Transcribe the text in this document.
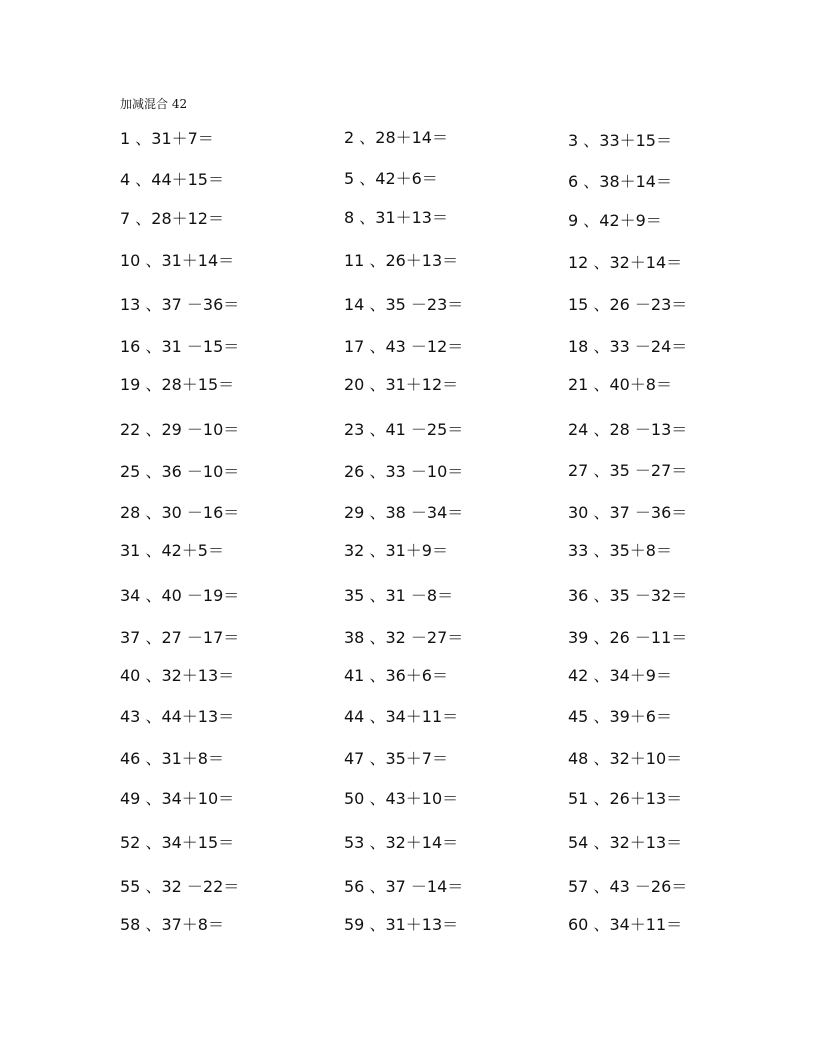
加减混合 42
1 、31＋7＝	2 、28＋14＝	3 、33＋15＝
4 、44＋15＝	5 、42＋6＝	6 、38＋14＝
7 、28＋12＝	8 、31＋13＝	9 、42＋9＝
10 、31＋14＝	11 、26＋13＝	12 、32＋14＝
13 、37 －36＝	14 、35 －23＝	15 、26 －23＝
16 、31 －15＝	17 、43 －12＝	18 、33 －24＝
19 、28＋15＝	20 、31＋12＝	21 、40＋8＝
22 、29 －10＝	23 、41 －25＝	24 、28 －13＝
25 、36 －10＝	26 、33 －10＝	27 、35 －27＝
28 、30 －16＝	29 、38 －34＝	30 、37 －36＝
31 、42＋5＝	32 、31＋9＝	33 、35＋8＝
34 、40 －19＝	35 、31 －8＝	36 、35 －32＝
37 、27 －17＝	38 、32 －27＝	39 、26 －11＝
40 、32＋13＝	41 、36＋6＝	42 、34＋9＝
43 、44＋13＝	44 、34＋11＝	45 、39＋6＝
46 、31＋8＝	47 、35＋7＝	48 、32＋10＝
49 、34＋10＝	50 、43＋10＝	51 、26＋13＝
52 、34＋15＝	53 、32＋14＝	54 、32＋13＝
55 、32 －22＝	56 、37 －14＝	57 、43 －26＝
58 、37＋8＝	59 、31＋13＝	60 、34＋11＝
